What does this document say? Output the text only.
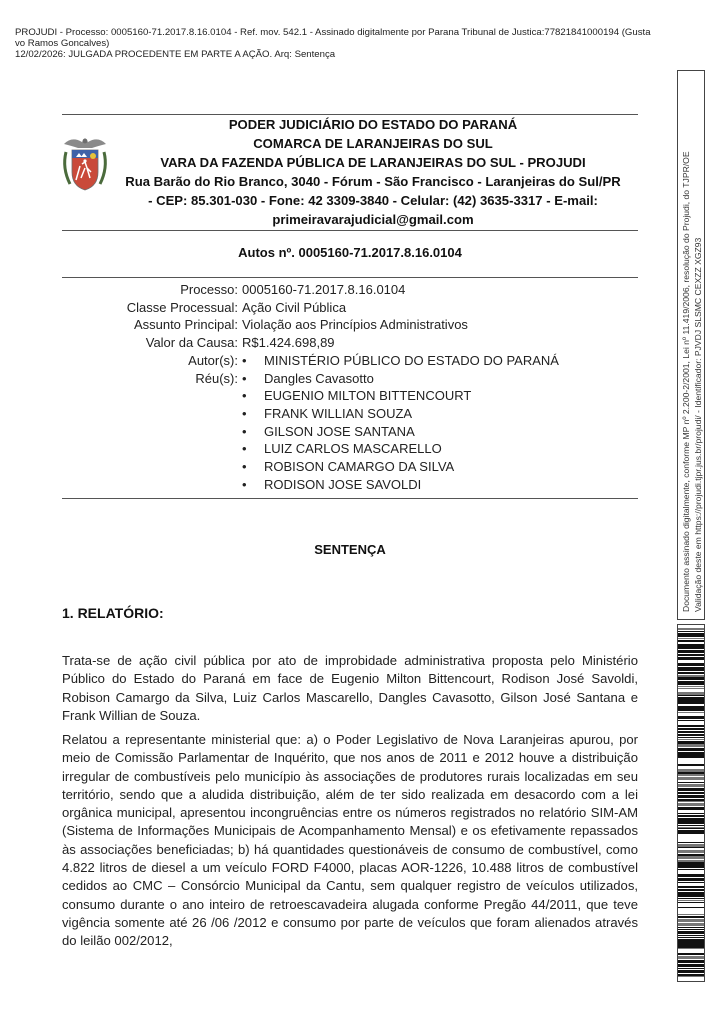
PROJUDI - Processo: 0005160-71.2017.8.16.0104 - Ref. mov. 542.1 - Assinado digitalmente por Parana Tribunal de Justica:77821841000194 (Gusta
vo Ramos Goncalves)
12/02/2026: JULGADA PROCEDENTE EM PARTE A AÇÃO. Arq: Sentença
PODER JUDICIÁRIO DO ESTADO DO PARANÁ
COMARCA DE LARANJEIRAS DO SUL
VARA DA FAZENDA PÚBLICA DE LARANJEIRAS DO SUL - PROJUDI
Rua Barão do Rio Branco, 3040 - Fórum - São Francisco - Laranjeiras do Sul/PR
- CEP: 85.301-030 - Fone: 42 3309-3840 - Celular: (42) 3635-3317 - E-mail:
primeiravarajudicial@gmail.com
Autos nº. 0005160-71.2017.8.16.0104
Processo: 0005160-71.2017.8.16.0104
Classe Processual: Ação Civil Pública
Assunto Principal: Violação aos Princípios Administrativos
Valor da Causa: R$1.424.698,89
Autor(s): • MINISTÉRIO PÚBLICO DO ESTADO DO PARANÁ
Réu(s): • Dangles Cavasotto
• EUGENIO MILTON BITTENCOURT
• FRANK WILLIAN SOUZA
• GILSON JOSE SANTANA
• LUIZ CARLOS MASCARELLO
• ROBISON CAMARGO DA SILVA
• RODISON JOSE SAVOLDI
SENTENÇA
1. RELATÓRIO:
Trata-se de ação civil pública por ato de improbidade administrativa proposta pelo Ministério Público do Estado do Paraná em face de Eugenio Milton Bittencourt, Rodison José Savoldi, Robison Camargo da Silva, Luiz Carlos Mascarello, Dangles Cavasotto, Gilson José Santana e Frank Willian de Souza.
Relatou a representante ministerial que: a) o Poder Legislativo de Nova Laranjeiras apurou, por meio de Comissão Parlamentar de Inquérito, que nos anos de 2011 e 2012 houve a distribuição irregular de combustíveis pelo município às associações de produtores rurais localizadas em seu território, sendo que a aludida distribuição, além de ter sido realizada em desacordo com a lei orgânica municipal, apresentou incongruências entre os números registrados no relatório SIM-AM (Sistema de Informações Municipais de Acompanhamento Mensal) e os efetivamente repassados às associações beneficiadas; b) há quantidades questionáveis de consumo de combustível, como 4.822 litros de diesel a um veículo FORD F4000, placas AOR-1226, 10.488 litros de combustível cedidos ao CMC – Consórcio Municipal da Cantu, sem qualquer registro de veículos utilizados, consumo durante o ano inteiro de retroescavadeira alugada conforme Pregão 44/2011, que teve vigência somente até 26 /06 /2012 e consumo por parte de veículos que foram alienados através do leilão 002/2012,
Documento assinado digitalmente, conforme MP nº 2.200-2/2001, Lei nº 11.419/2006, resolução do Projudi, do TJPR/OE Validação deste em https://projudi.tjpr.jus.br/projudi/ - Identificador: PJVDJ SLSMC CEXZZ XGZ93
